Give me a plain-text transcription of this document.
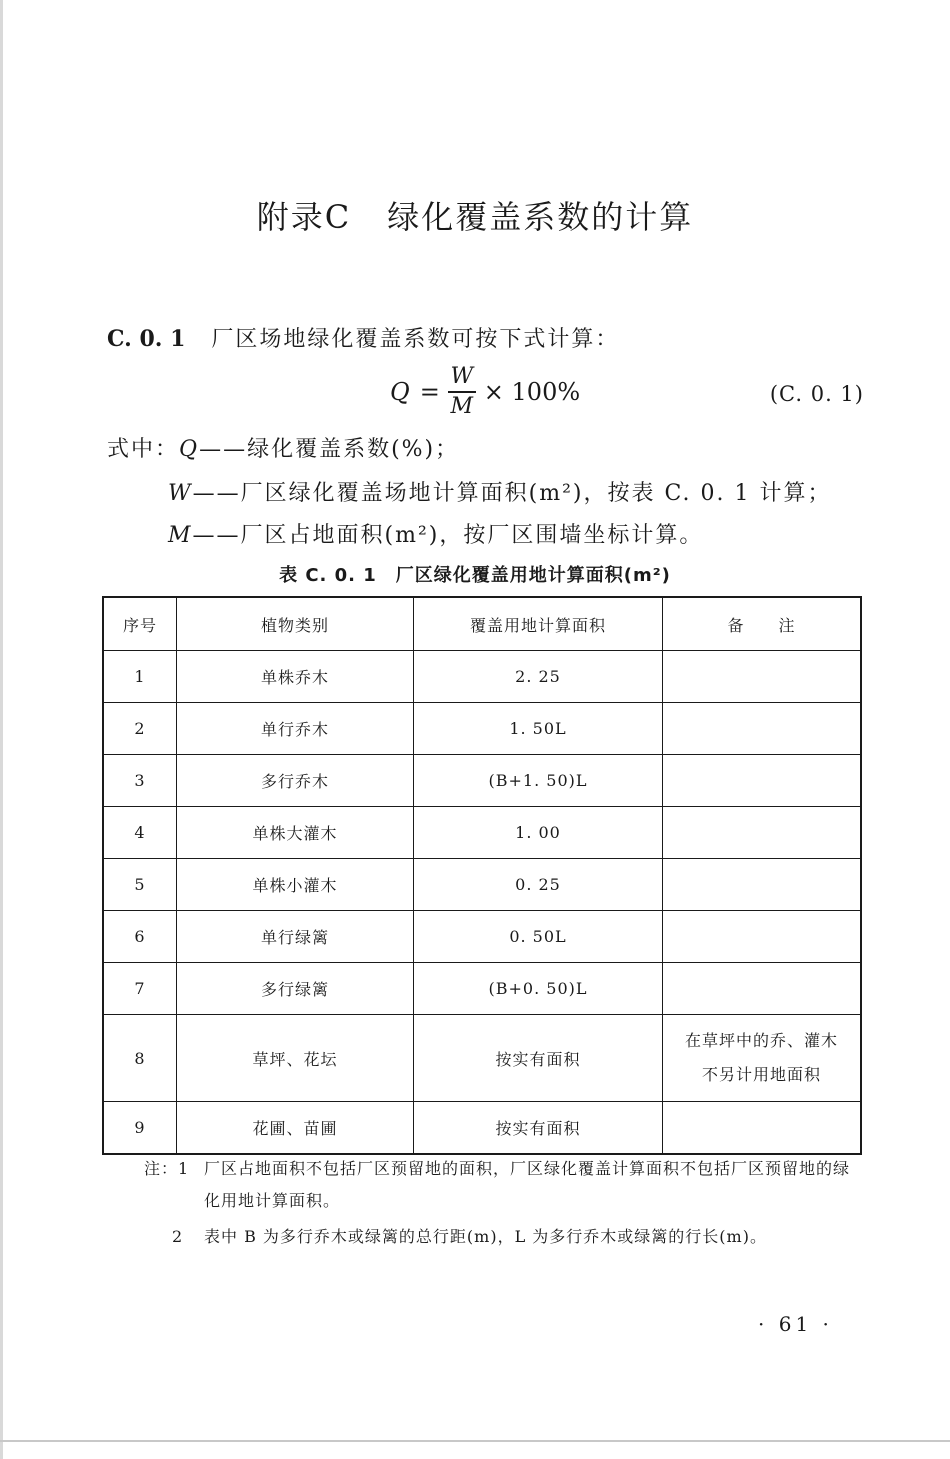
附录C 绿化覆盖系数的计算
C. 0. 1 厂区场地绿化覆盖系数可按下式计算：
$Q = \frac{W}{M} \times 100\%$	(C. 0. 1)
式中：Q——绿化覆盖系数(%)；
W——厂区绿化覆盖场地计算面积(m²)，按表 C. 0. 1 计算；
M——厂区占地面积(m²)，按厂区围墙坐标计算。
表 C. 0. 1　厂区绿化覆盖用地计算面积(m²)
序号	植物类别	覆盖用地计算面积	备　　注
1	单株乔木	2. 25	
2	单行乔木	1. 50L	
3	多行乔木	(B+1. 50)L	
4	单株大灌木	1. 00	
5	单株小灌木	0. 25	
6	单行绿篱	0. 50L	
7	多行绿篱	(B+0. 50)L	
8	草坪、花坛	按实有面积	在草坪中的乔、灌木
不另计用地面积

9	花圃、苗圃	按实有面积	
注：1 厂区占地面积不包括厂区预留地的面积，厂区绿化覆盖计算面积不包括厂区预留地的绿化用地计算面积。
2	表中 B 为多行乔木或绿篱的总行距(m)，L 为多行乔木或绿篱的行长(m)。
· 61 ·
